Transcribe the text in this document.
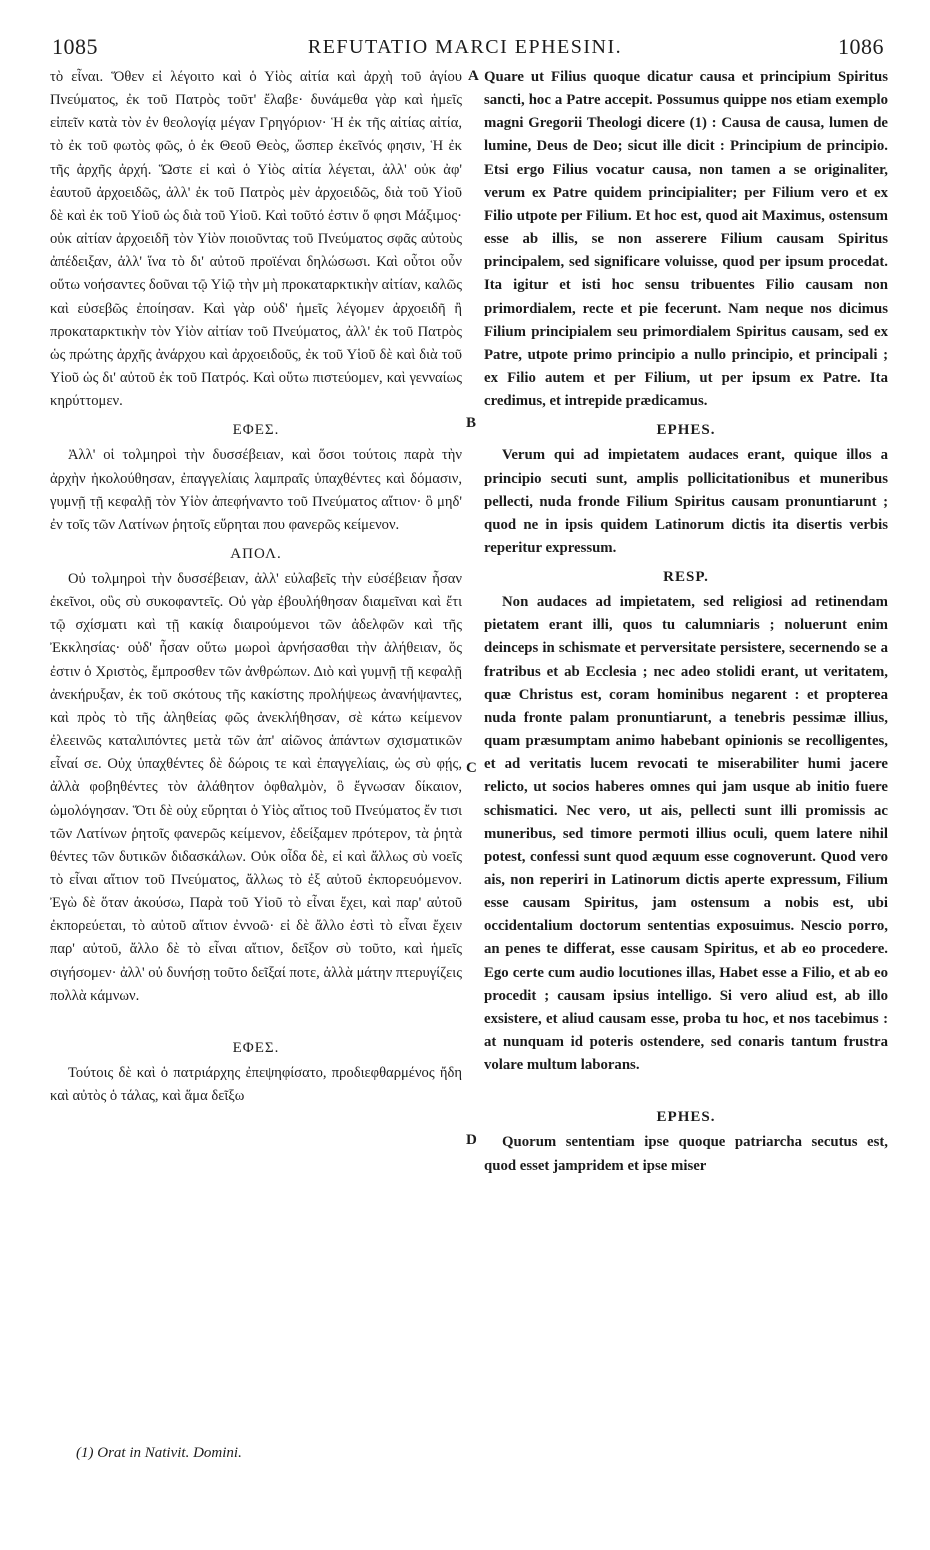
1085	REFUTATIO MARCI EPHESINI.	1086

τὸ εἶναι. Ὅθεν εἰ λέγοιτο καὶ ὁ Υἱὸς αἰτία καὶ ἀρχὴ τοῦ ἁγίου Πνεύματος, ἐκ τοῦ Πατρὸς τοῦτ' ἔλαβε· δυνάμεθα γὰρ καὶ ἡμεῖς εἰπεῖν κατὰ τὸν ἐν θεολογίᾳ μέγαν Γρηγόριον· Ἡ ἐκ τῆς αἰτίας αἰτία, τὸ ἐκ τοῦ φωτὸς φῶς, ὁ ἐκ Θεοῦ Θεὸς, ὥσπερ ἐκεῖνός φησιν, Ἡ ἐκ τῆς ἀρχῆς ἀρχή. Ὥστε εἰ καὶ ὁ Υἱὸς αἰτία λέγεται, ἀλλ' οὐκ ἀφ' ἑαυτοῦ ἀρχοειδῶς, ἀλλ' ἐκ τοῦ Πατρὸς μὲν ἀρχοειδῶς, διὰ τοῦ Υἱοῦ δὲ καὶ ἐκ τοῦ Υἱοῦ ὡς διὰ τοῦ Υἱοῦ. Καὶ τοῦτό ἐστιν ὅ φησι Μάξιμος· οὐκ αἰτίαν ἀρχοειδῆ τὸν Υἱὸν ποιοῦντας τοῦ Πνεύματος σφᾶς αὐτοὺς ἀπέδειξαν, ἀλλ' ἵνα τὸ δι' αὐτοῦ προϊέναι δηλώσωσι. Καὶ οὗτοι οὖν οὕτω νοήσαντες δοῦναι τῷ Υἱῷ τὴν μὴ προκαταρκτικὴν αἰτίαν, καλῶς καὶ εὐσεβῶς ἐποίησαν. Καὶ γὰρ οὐδ' ἡμεῖς λέγομεν ἀρχοειδῆ ἢ προκαταρκτικὴν τὸν Υἱὸν αἰτίαν τοῦ Πνεύματος, ἀλλ' ἐκ τοῦ Πατρὸς ὡς πρώτης ἀρχῆς ἀνάρχου καὶ ἀρχοειδοῦς, ἐκ τοῦ Υἱοῦ δὲ καὶ διὰ τοῦ Υἱοῦ ὡς δι' αὐτοῦ ἐκ τοῦ Πατρός. Καὶ οὕτω πιστεύομεν, καὶ γενναίως κηρύττομεν.

ΕΦΕΣ.

Ἀλλ' οἱ τολμηροὶ τὴν δυσσέβειαν, καὶ ὅσοι τούτοις παρὰ τὴν ἀρχὴν ἠκολούθησαν, ἐπαγγελίαις λαμπραῖς ὑπαχθέντες καὶ δόμασιν, γυμνῇ τῇ κεφαλῇ τὸν Υἱὸν ἀπεφήναντο τοῦ Πνεύματος αἴτιον· ὃ μηδ' ἐν τοῖς τῶν Λατίνων ῥητοῖς εὕρηται που φανερῶς κείμενον.

ΑΠΟΛ.

Οὐ τολμηροὶ τὴν δυσσέβειαν, ἀλλ' εὐλαβεῖς τὴν εὐσέβειαν ἦσαν ἐκεῖνοι, οὓς σὺ συκοφαντεῖς. Οὐ γὰρ ἐβουλήθησαν διαμεῖναι καὶ ἔτι τῷ σχίσματι καὶ τῇ κακίᾳ διαιρούμενοι τῶν ἀδελφῶν καὶ τῆς Ἐκκλησίας· οὐδ' ἦσαν οὕτω μωροὶ ἀρνήσασθαι τὴν ἀλήθειαν, ὅς ἐστιν ὁ Χριστὸς, ἔμπροσθεν τῶν ἀνθρώπων. Διὸ καὶ γυμνῇ τῇ κεφαλῇ ἀνεκήρυξαν, ἐκ τοῦ σκότους τῆς κακίστης προλήψεως ἀνανήψαντες, καὶ πρὸς τὸ τῆς ἀληθείας φῶς ἀνεκλήθησαν, σὲ κάτω κείμενον ἐλεεινῶς καταλιπόντες μετὰ τῶν ἀπ' αἰῶνος ἁπάντων σχισματικῶν εἶναί σε. Οὐχ ὑπαχθέντες δὲ δώροις τε καὶ ἐπαγγελίαις, ὡς σὺ φῄς, ἀλλὰ φοβηθέντες τὸν ἀλάθητον ὀφθαλμὸν, ὃ ἔγνωσαν δίκαιον, ὡμολόγησαν. Ὅτι δὲ οὐχ εὕρηται ὁ Υἱὸς αἴτιος τοῦ Πνεύματος ἔν τισι τῶν Λατίνων ῥητοῖς φανερῶς κείμενον, ἐδείξαμεν πρότερον, τὰ ῥητὰ θέντες τῶν δυτικῶν διδασκάλων. Οὐκ οἶδα δὲ, εἰ καὶ ἄλλως σὺ νοεῖς τὸ εἶναι αἴτιον τοῦ Πνεύματος, ἄλλως τὸ ἐξ αὐτοῦ ἐκπορευόμενον. Ἐγὼ δὲ ὅταν ἀκούσω, Παρὰ τοῦ Υἱοῦ τὸ εἶναι ἔχει, καὶ παρ' αὐτοῦ ἐκπορεύεται, τὸ αὐτοῦ αἴτιον ἐννοῶ· εἰ δὲ ἄλλο ἐστὶ τὸ εἶναι ἔχειν παρ' αὐτοῦ, ἄλλο δὲ τὸ εἶναι αἴτιον, δεῖξον σὺ τοῦτο, καὶ ἡμεῖς σιγήσομεν· ἀλλ' οὐ δυνήσῃ τοῦτο δεῖξαί ποτε, ἀλλὰ μάτην πτερυγίζεις πολλὰ κάμνων.

ΕΦΕΣ.

Τούτοις δὲ καὶ ὁ πατριάρχης ἐπεψηφίσατο, προδιεφθαρμένος ἤδη καὶ αὐτὸς ὁ τάλας, καὶ ἅμα δεῖξω

A
B
C
D

Quare ut Filius quoque dicatur causa et principium Spiritus sancti, hoc a Patre accepit. Possumus quippe nos etiam exemplo magni Gregorii Theologi dicere (1) : Causa de causa, lumen de lumine, Deus de Deo; sicut ille dicit : Principium de principio. Etsi ergo Filius vocatur causa, non tamen a se originaliter, verum ex Patre quidem principialiter; per Filium vero et ex Filio utpote per Filium. Et hoc est, quod ait Maximus, ostensum esse ab illis, se non asserere Filium causam Spiritus principalem, sed significare voluisse, quod per ipsum procedat. Ita igitur et isti hoc sensu tribuentes Filio causam non primordialem, recte et pie fecerunt. Nam neque nos dicimus Filium principialem seu primordialem Spiritus causam, sed ex Patre, utpote primo principio a nullo principio, et principali ; ex Filio autem et per Filium, ut per ipsum ex Patre. Ita credimus, et intrepide prædicamus.

EPHES.

Verum qui ad impietatem audaces erant, quique illos a principio secuti sunt, amplis pollicitationibus et muneribus pellecti, nuda fronde Filium Spiritus causam pronuntiarunt ; quod ne in ipsis quidem Latinorum dictis ita disertis verbis reperitur expressum.

RESP.

Non audaces ad impietatem, sed religiosi ad retinendam pietatem erant illi, quos tu calumniaris ; noluerunt enim deinceps in schismate et perversitate persistere, secernendo se a fratribus et ab Ecclesia ; nec adeo stolidi erant, ut veritatem, quæ Christus est, coram hominibus negarent : et propterea nuda fronte palam pronuntiarunt, a tenebris pessimæ illius, quam præsumptam animo habebant opinionis se recolligentes, et ad veritatis lucem revocati te miserabiliter humi jacere relicto, ut socios haberes omnes qui jam usque ab initio fuere schismatici. Nec vero, ut ais, pellecti sunt illi promissis ac muneribus, sed timore permoti illius oculi, quem latere nihil potest, confessi sunt quod æquum esse cognoverunt. Quod vero ais, non reperiri in Latinorum dictis aperte expressum, Filium esse causam Spiritus, jam ostensum a nobis est, ubi occidentalium doctorum sententias exposuimus. Nescio porro, an penes te differat, esse causam Spiritus, et ab eo procedere. Ego certe cum audio locutiones illas, Habet esse a Filio, et ab eo procedit ; causam ipsius intelligo. Si vero aliud est, ab illo exsistere, et aliud causam esse, proba tu hoc, et nos tacebimus : at nunquam id poteris ostendere, sed conaris tantum frustra volare multum laborans.

EPHES.

Quorum sententiam ipse quoque patriarcha secutus est, quod esset jampridem et ipse miser

(1) Orat in Nativit. Domini.
